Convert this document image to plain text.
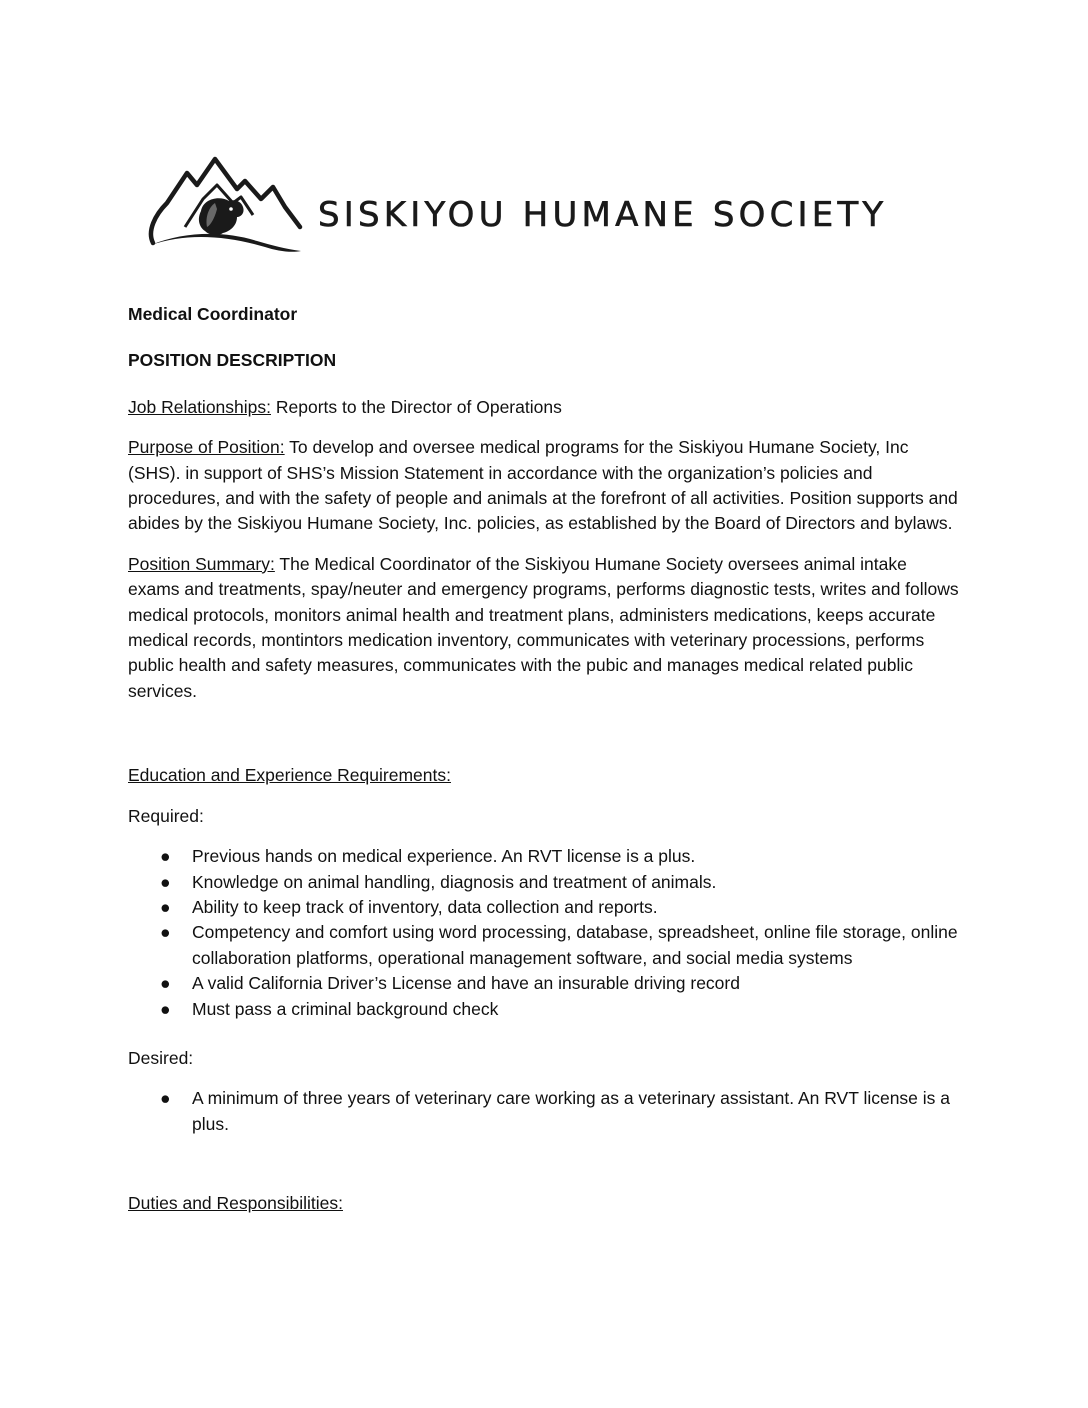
SISKIYOU HUMANE SOCIETY
Medical Coordinator
POSITION DESCRIPTION

Job Relationships: Reports to the Director of Operations

Purpose of Position: To develop and oversee medical programs for the Siskiyou Humane Society, Inc (SHS). in support of SHS’s Mission Statement in accordance with the organization’s policies and procedures, and with the safety of people and animals at the forefront of all activities. Position supports and abides by the Siskiyou Humane Society, Inc. policies, as established by the Board of Directors and bylaws.

Position Summary: The Medical Coordinator of the Siskiyou Humane Society oversees animal intake exams and treatments, spay/neuter and emergency programs, performs diagnostic tests, writes and follows medical protocols, monitors animal health and treatment plans, administers medications, keeps accurate medical records, montintors medication inventory, communicates with veterinary processions, performs public health and safety measures, communicates with the pubic and manages medical related public services.

Education and Experience Requirements:

Required:

● Previous hands on medical experience. An RVT license is a plus.
● Knowledge on animal handling, diagnosis and treatment of animals.
● Ability to keep track of inventory, data collection and reports.
● Competency and comfort using word processing, database, spreadsheet, online file storage, online collaboration platforms, operational management software, and social media systems
● A valid California Driver’s License and have an insurable driving record
● Must pass a criminal background check

Desired:

● A minimum of three years of veterinary care working as a veterinary assistant. An RVT license is a plus.
Duties and Responsibilities:
